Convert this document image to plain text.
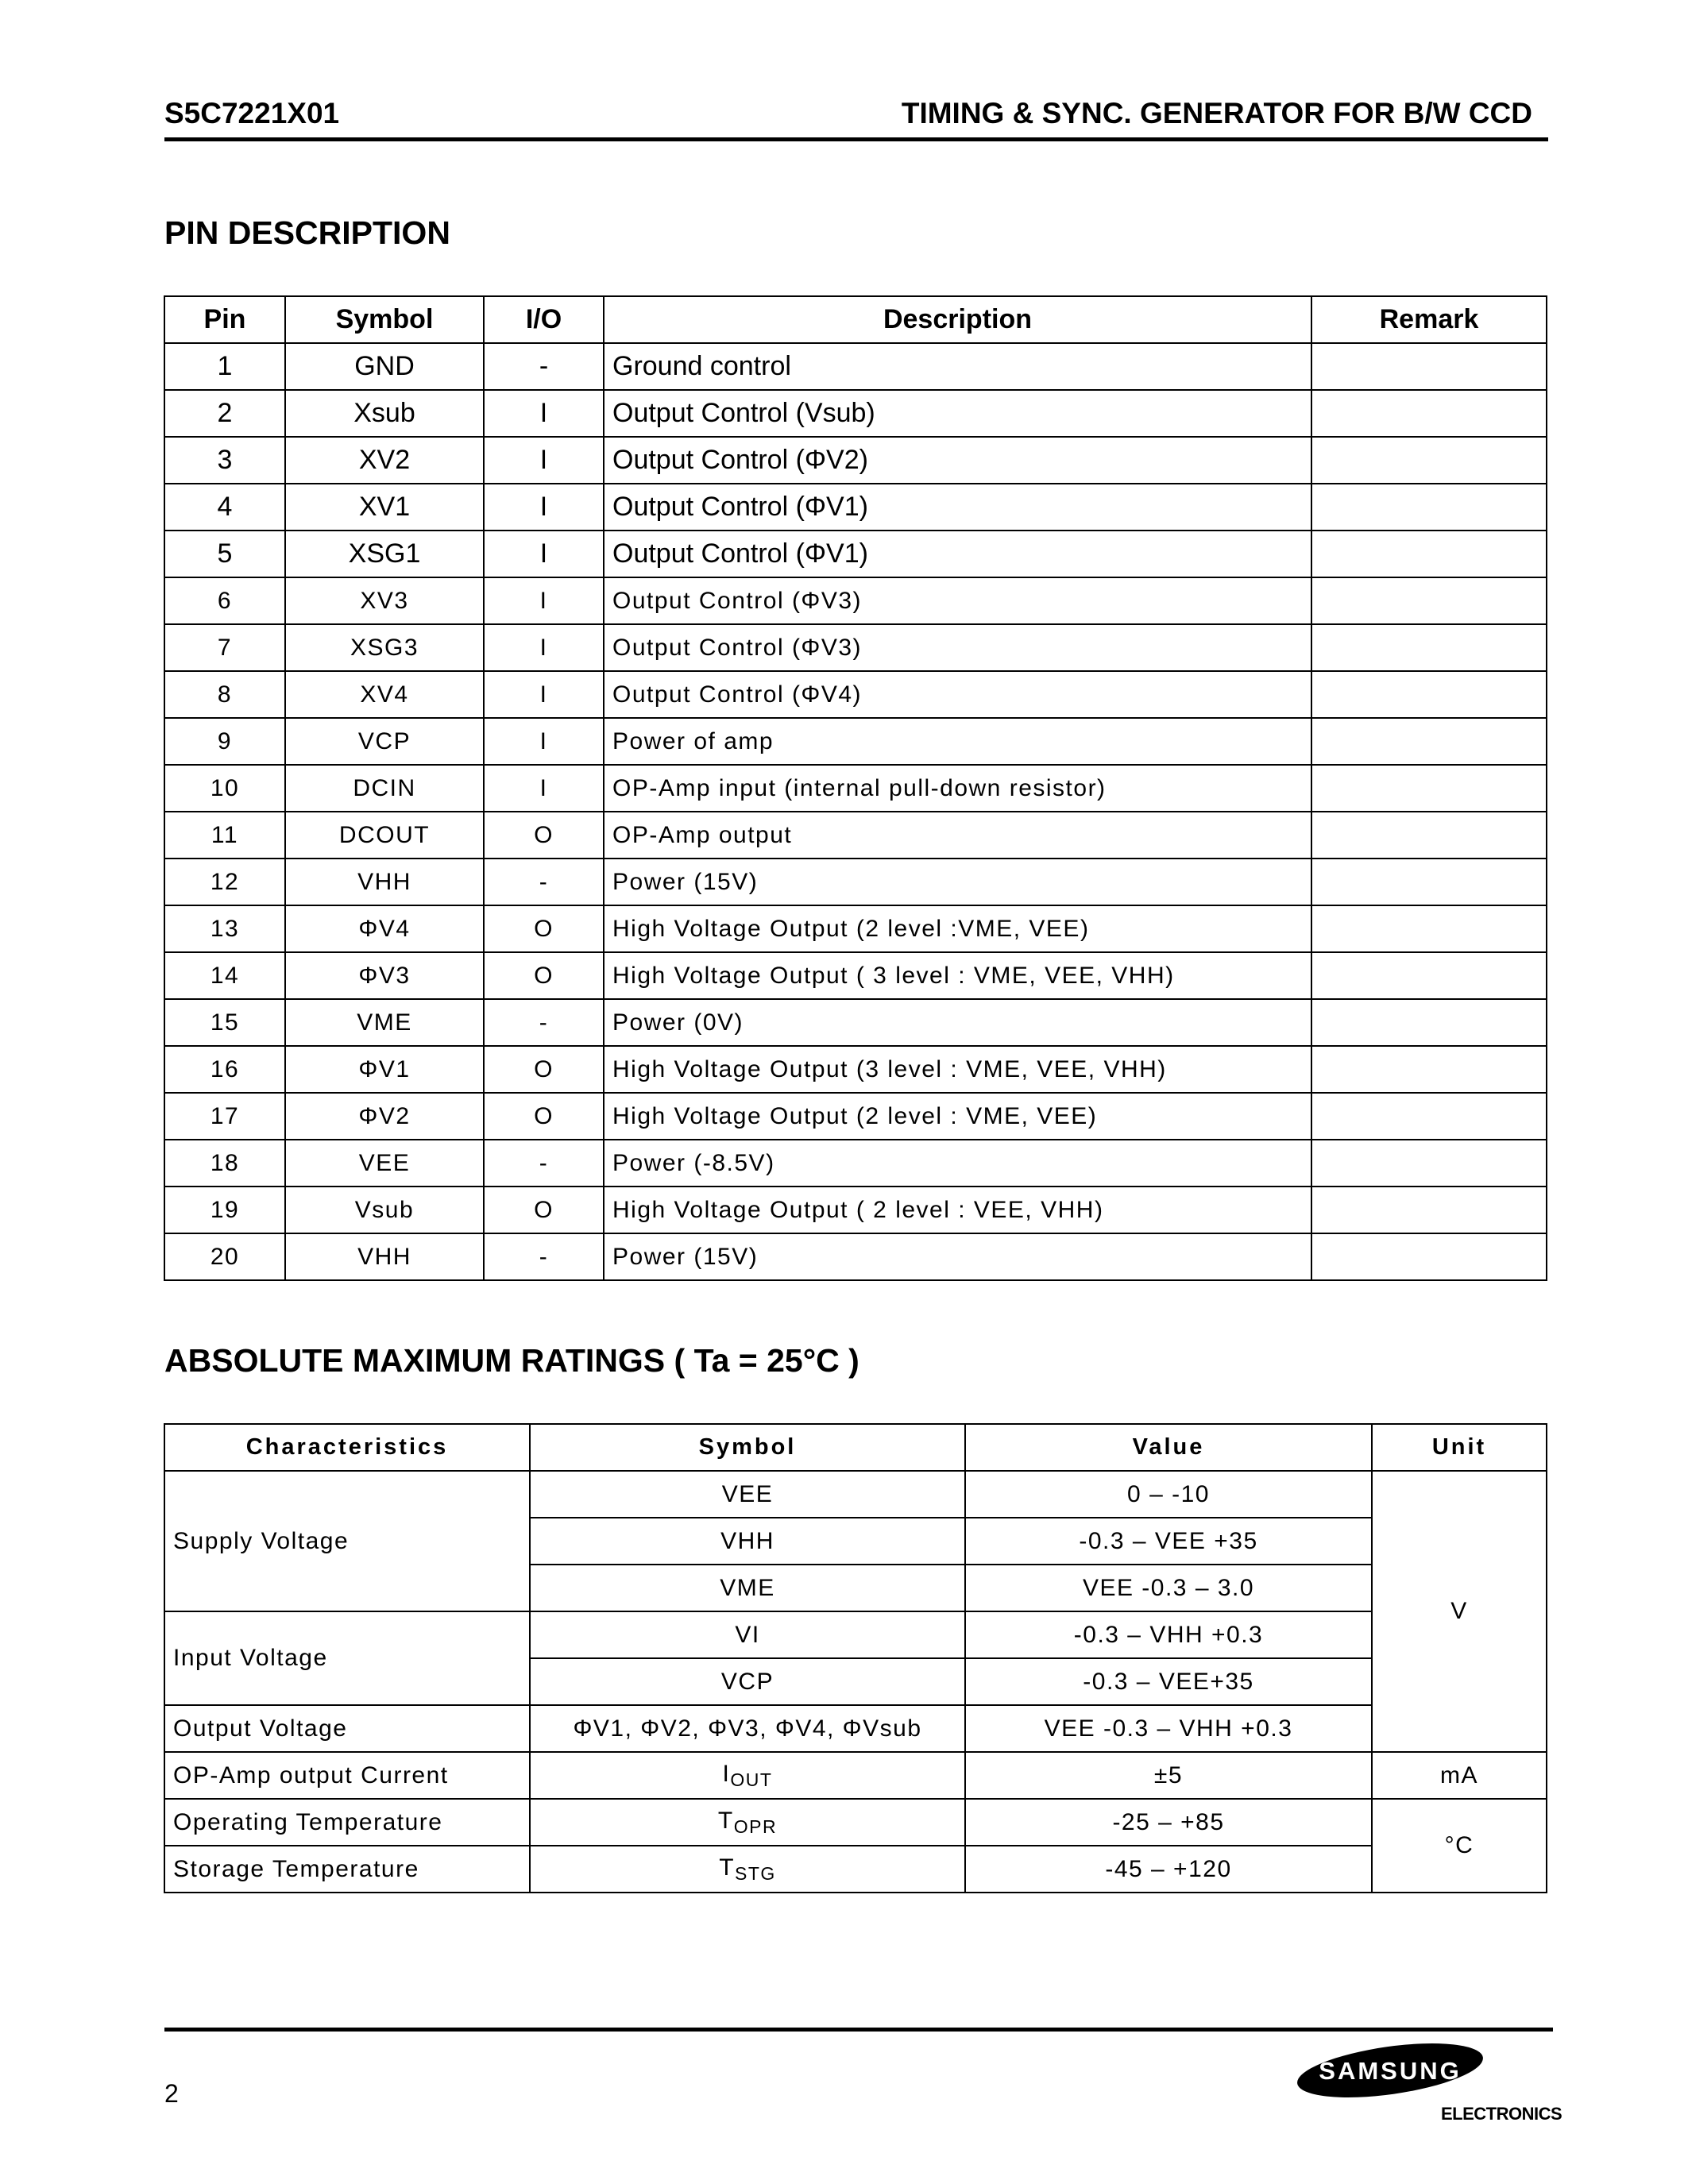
S5C7221X01	TIMING & SYNC. GENERATOR FOR B/W CCD
PIN DESCRIPTION
Pin	Symbol	I/O	Description	Remark
1	GND	-	Ground control	
2	Xsub	I	Output Control (Vsub)	
3	XV2	I	Output Control (ΦV2)	
4	XV1	I	Output Control (ΦV1)	
5	XSG1	I	Output Control (ΦV1)	
6	XV3	I	Output Control (ΦV3)	
7	XSG3	I	Output Control (ΦV3)	
8	XV4	I	Output Control (ΦV4)	
9	VCP	I	Power of amp	
10	DCIN	I	OP-Amp input (internal pull-down resistor)	
11	DCOUT	O	OP-Amp output	
12	VHH	-	Power (15V)	
13	ΦV4	O	High Voltage Output (2 level :VME, VEE)	
14	ΦV3	O	High Voltage Output ( 3 level : VME, VEE, VHH)	
15	VME	-	Power (0V)	
16	ΦV1	O	High Voltage Output (3 level : VME, VEE, VHH)	
17	ΦV2	O	High Voltage Output (2 level : VME, VEE)	
18	VEE	-	Power (-8.5V)	
19	Vsub	O	High Voltage Output ( 2 level : VEE, VHH)	
20	VHH	-	Power (15V)	
ABSOLUTE MAXIMUM RATINGS ( Ta = 25°C )
Characteristics	Symbol	Value	Unit
Supply Voltage	VEE	0 – -10	V
	VHH	-0.3 – VEE +35	
	VME	VEE -0.3 – 3.0	
Input Voltage	VI	-0.3 – VHH +0.3	
	VCP	-0.3 – VEE+35	
Output Voltage	ΦV1, ΦV2, ΦV3, ΦV4, ΦVsub	VEE -0.3 – VHH +0.3	
OP-Amp output Current	$I_{OUT}$	±5	mA
Operating Temperature	$T_{OPR}$	-25 – +85	°C
Storage Temperature	$T_{STG}$	-45 – +120	
2
SAMSUNG
ELECTRONICS
